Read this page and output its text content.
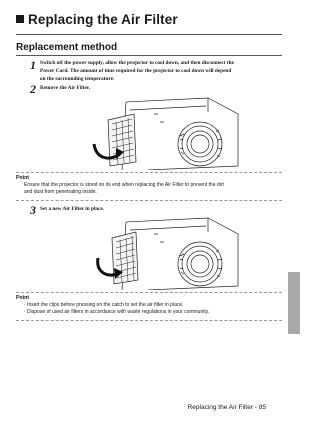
Replacing the Air Filter
Replacement method
1 Switch off the power supply, allow the projector to cool down, and then disconnect the
Power Cord. The amount of time required for the projector to cool down will depend
on the surrounding temperature.
2 Remove the Air Filter.
Point
Ensure that the projector is stood on its end when replacing the Air Filter to prevent the dirt
and dust from penetrating inside.
3 Set a new Air Filter in place.
Point
· Insert the clips before pressing on the catch to set the air filter in place.
· Dispose of used air filters in accordance with waste regulations in your community.
Replacing the Air Filter - 85
